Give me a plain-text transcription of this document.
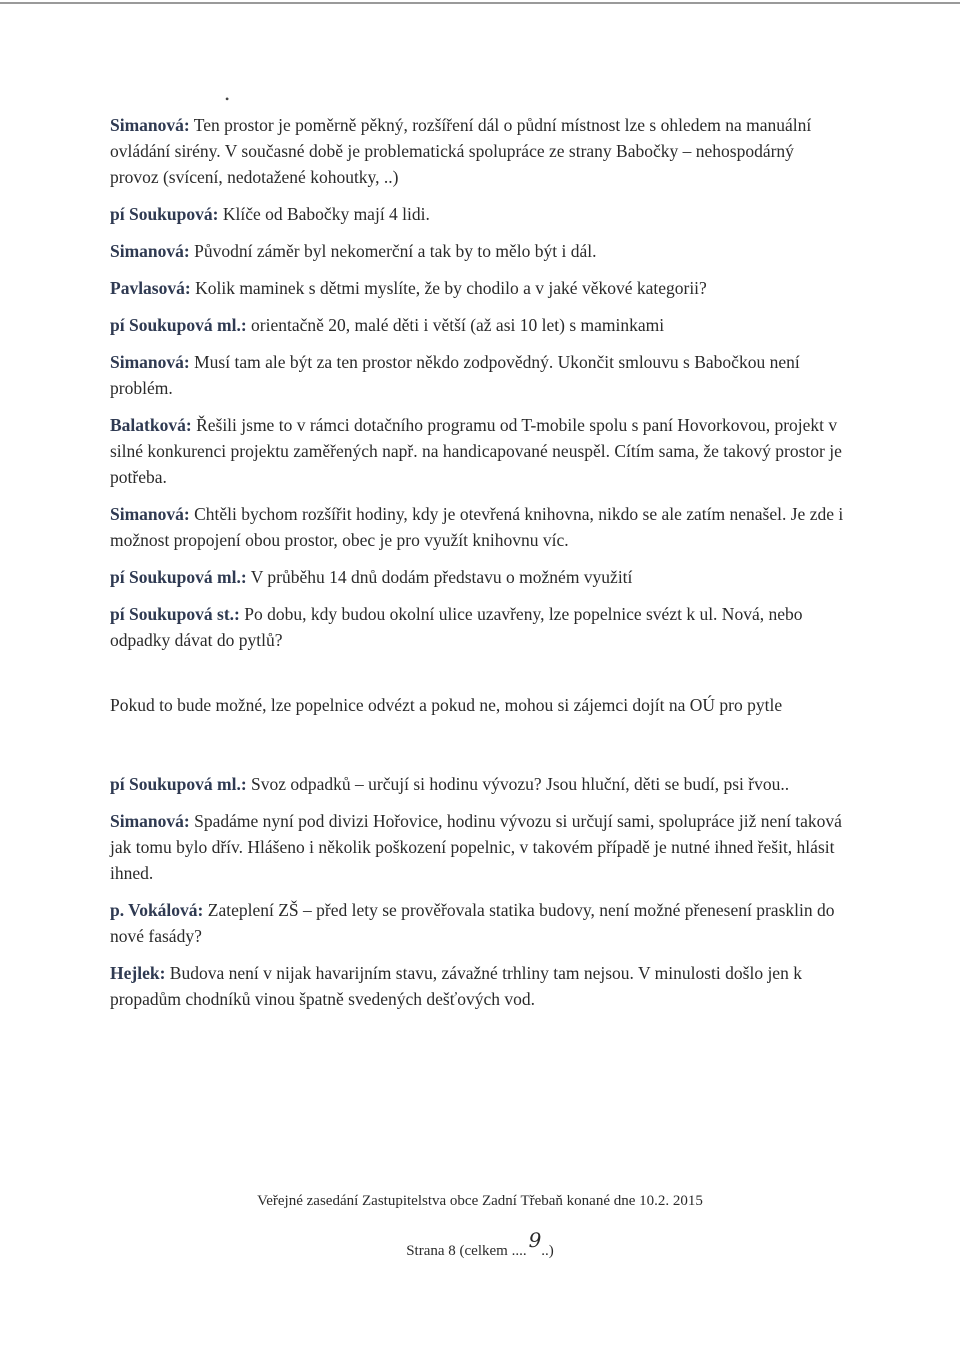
•

Simanová: Ten prostor je poměrně pěkný, rozšíření dál o půdní místnost lze s ohledem na manuální ovládání sirény. V současné době je problematická spolupráce ze strany Babočky – nehospodárný provoz (svícení, nedotažené kohoutky, ..)

pí Soukupová: Klíče od Babočky mají 4 lidi.

Simanová: Původní záměr byl nekomerční a tak by to mělo být i dál.

Pavlasová: Kolik maminek s dětmi myslíte, že by chodilo a v jaké věkové kategorii?

pí Soukupová ml.: orientačně 20, malé děti i větší (až asi 10 let) s maminkami

Simanová: Musí tam ale být za ten prostor někdo zodpovědný. Ukončit smlouvu s Babočkou není problém.

Balatková: Řešili jsme to v rámci dotačního programu od T-mobile spolu s paní Hovorkovou, projekt v silné konkurenci projektu zaměřených např. na handicapované neuspěl. Cítím sama, že takový prostor je potřeba.

Simanová: Chtěli bychom rozšířit hodiny, kdy je otevřená knihovna, nikdo se ale zatím nenašel. Je zde i možnost propojení obou prostor, obec je pro využít knihovnu víc.

pí Soukupová ml.: V průběhu 14 dnů dodám představu o možném využití

pí Soukupová st.: Po dobu, kdy budou okolní ulice uzavřeny, lze popelnice svézt k ul. Nová, nebo odpadky dávat do pytlů?

Pokud to bude možné, lze popelnice odvézt a pokud ne, mohou si zájemci dojít na OÚ pro pytle

pí Soukupová ml.: Svoz odpadků – určují si hodinu vývozu? Jsou hluční, děti se budí, psi řvou..

Simanová: Spadáme nyní pod divizi Hořovice, hodinu vývozu si určují sami, spolupráce již není taková jak tomu bylo dřív. Hlášeno i několik poškození popelnic, v takovém případě je nutné ihned řešit, hlásit ihned.

p. Vokálová: Zateplení ZŠ – před lety se prověřovala statika budovy, není možné přenesení prasklin do nové fasády?

Hejlek: Budova není v nijak havarijním stavu, závažné trhliny tam nejsou. V minulosti došlo jen k propadům chodníků vinou špatně svedených dešťových vod.

Veřejné zasedání Zastupitelstva obce Zadní Třebaň konané dne 10.2. 2015
Strana 8 (celkem .... 9..)
